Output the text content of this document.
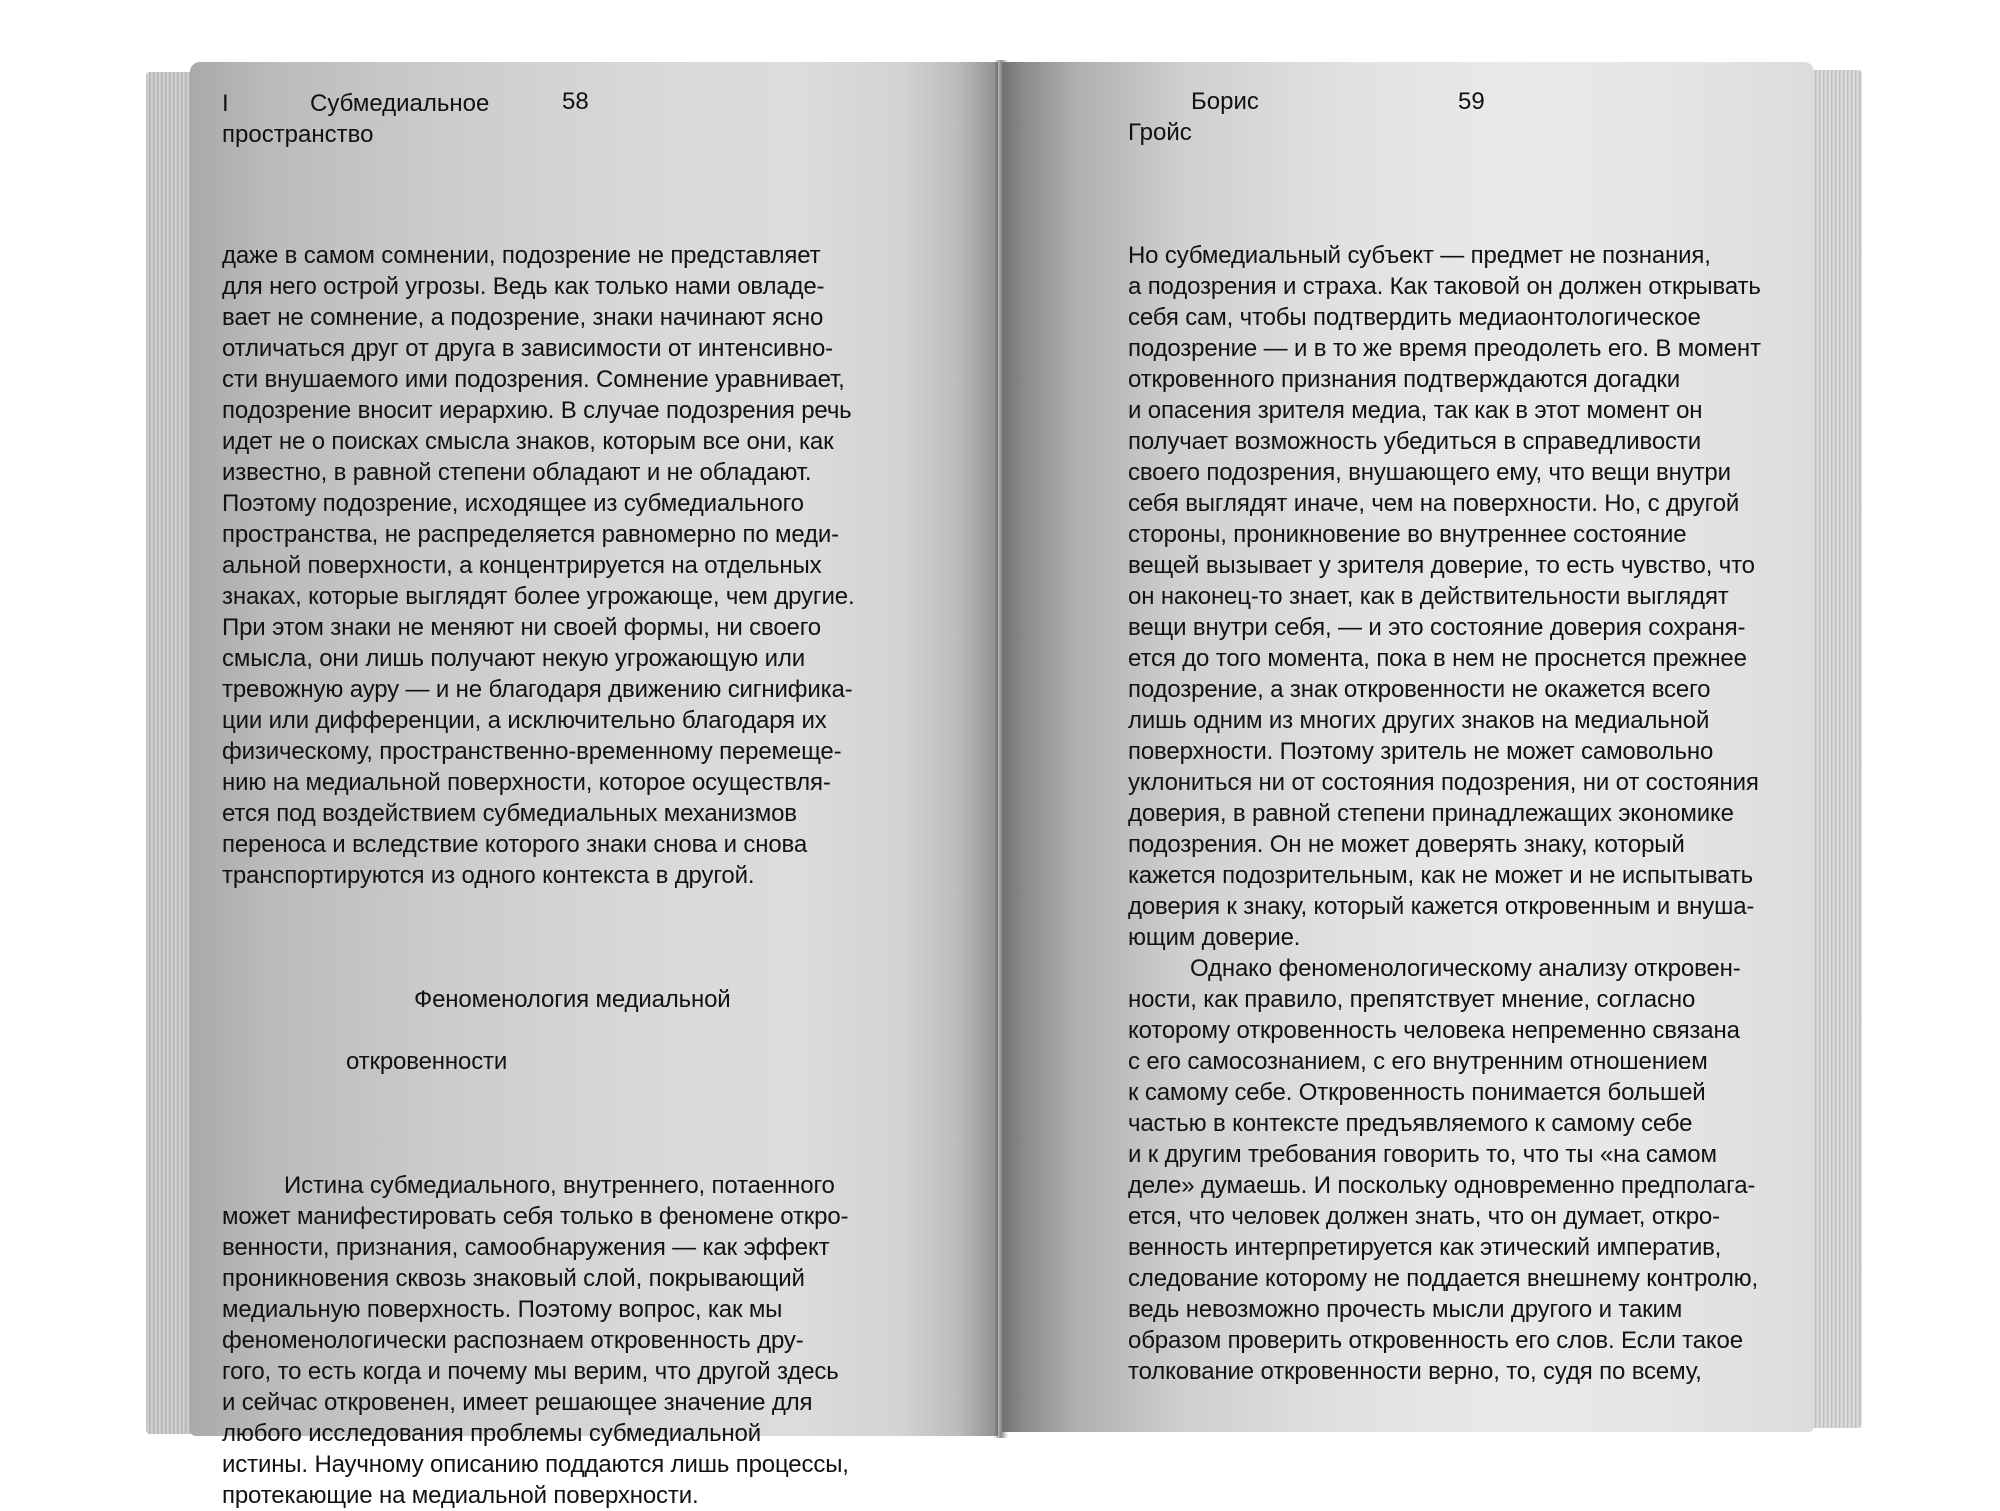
I	Субмедиальное
пространство
58

даже в самом сомнении, подозрение не представляет
для него острой угрозы. Ведь как только нами овладе-
вает не сомнение, а подозрение, знаки начинают ясно
отличаться друг от друга в зависимости от интенсивно-
сти внушаемого ими подозрения. Сомнение уравнивает,
подозрение вносит иерархию. В случае подозрения речь
идет не о поисках смысла знаков, которым все они, как
известно, в равной степени обладают и не обладают.
Поэтому подозрение, исходящее из субмедиального
пространства, не распределяется равномерно по меди-
альной поверхности, а концентрируется на отдельных
знаках, которые выглядят более угрожающе, чем другие.
При этом знаки не меняют ни своей формы, ни своего
смысла, они лишь получают некую угрожающую или
тревожную ауру — и не благодаря движению сигнифика-
ции или дифференции, а исключительно благодаря их
физическому, пространственно-временному перемеще-
нию на медиальной поверхности, которое осуществля-
ется под воздействием субмедиальных механизмов
переноса и вследствие которого знаки снова и снова
транспортируются из одного контекста в другой.

Феноменология медиальной

откровенности

Истина субмедиального, внутреннего, потаенного
может манифестировать себя только в феномене откро-
венности, признания, самообнаружения — как эффект
проникновения сквозь знаковый слой, покрывающий
медиальную поверхность. Поэтому вопрос, как мы
феноменологически распознаем откровенность дру-
гого, то есть когда и почему мы верим, что другой здесь
и сейчас откровенен, имеет решающее значение для
любого исследования проблемы субмедиальной
истины. Научному описанию поддаются лишь процессы,
протекающие на медиальной поверхности.

Борис
Гройс
59

Но субмедиальный субъект — предмет не познания,
а подозрения и страха. Как таковой он должен открывать
себя сам, чтобы подтвердить медиаонтологическое
подозрение — и в то же время преодолеть его. В момент
откровенного признания подтверждаются догадки
и опасения зрителя медиа, так как в этот момент он
получает возможность убедиться в справедливости
своего подозрения, внушающего ему, что вещи внутри
себя выглядят иначе, чем на поверхности. Но, с другой
стороны, проникновение во внутреннее состояние
вещей вызывает у зрителя доверие, то есть чувство, что
он наконец-то знает, как в действительности выглядят
вещи внутри себя, — и это состояние доверия сохраня-
ется до того момента, пока в нем не проснется прежнее
подозрение, а знак откровенности не окажется всего
лишь одним из многих других знаков на медиальной
поверхности. Поэтому зритель не может самовольно
уклониться ни от состояния подозрения, ни от состояния
доверия, в равной степени принадлежащих экономике
подозрения. Он не может доверять знаку, который
кажется подозрительным, как не может и не испытывать
доверия к знаку, который кажется откровенным и внуша-
ющим доверие.

Однако феноменологическому анализу откровен-
ности, как правило, препятствует мнение, согласно
которому откровенность человека непременно связана
с его самосознанием, с его внутренним отношением
к самому себе. Откровенность понимается большей
частью в контексте предъявляемого к самому себе
и к другим требования говорить то, что ты «на самом
деле» думаешь. И поскольку одновременно предполага-
ется, что человек должен знать, что он думает, откро-
венность интерпретируется как этический императив,
следование которому не поддается внешнему контролю,
ведь невозможно прочесть мысли другого и таким
образом проверить откровенность его слов. Если такое
толкование откровенности верно, то, судя по всему,
